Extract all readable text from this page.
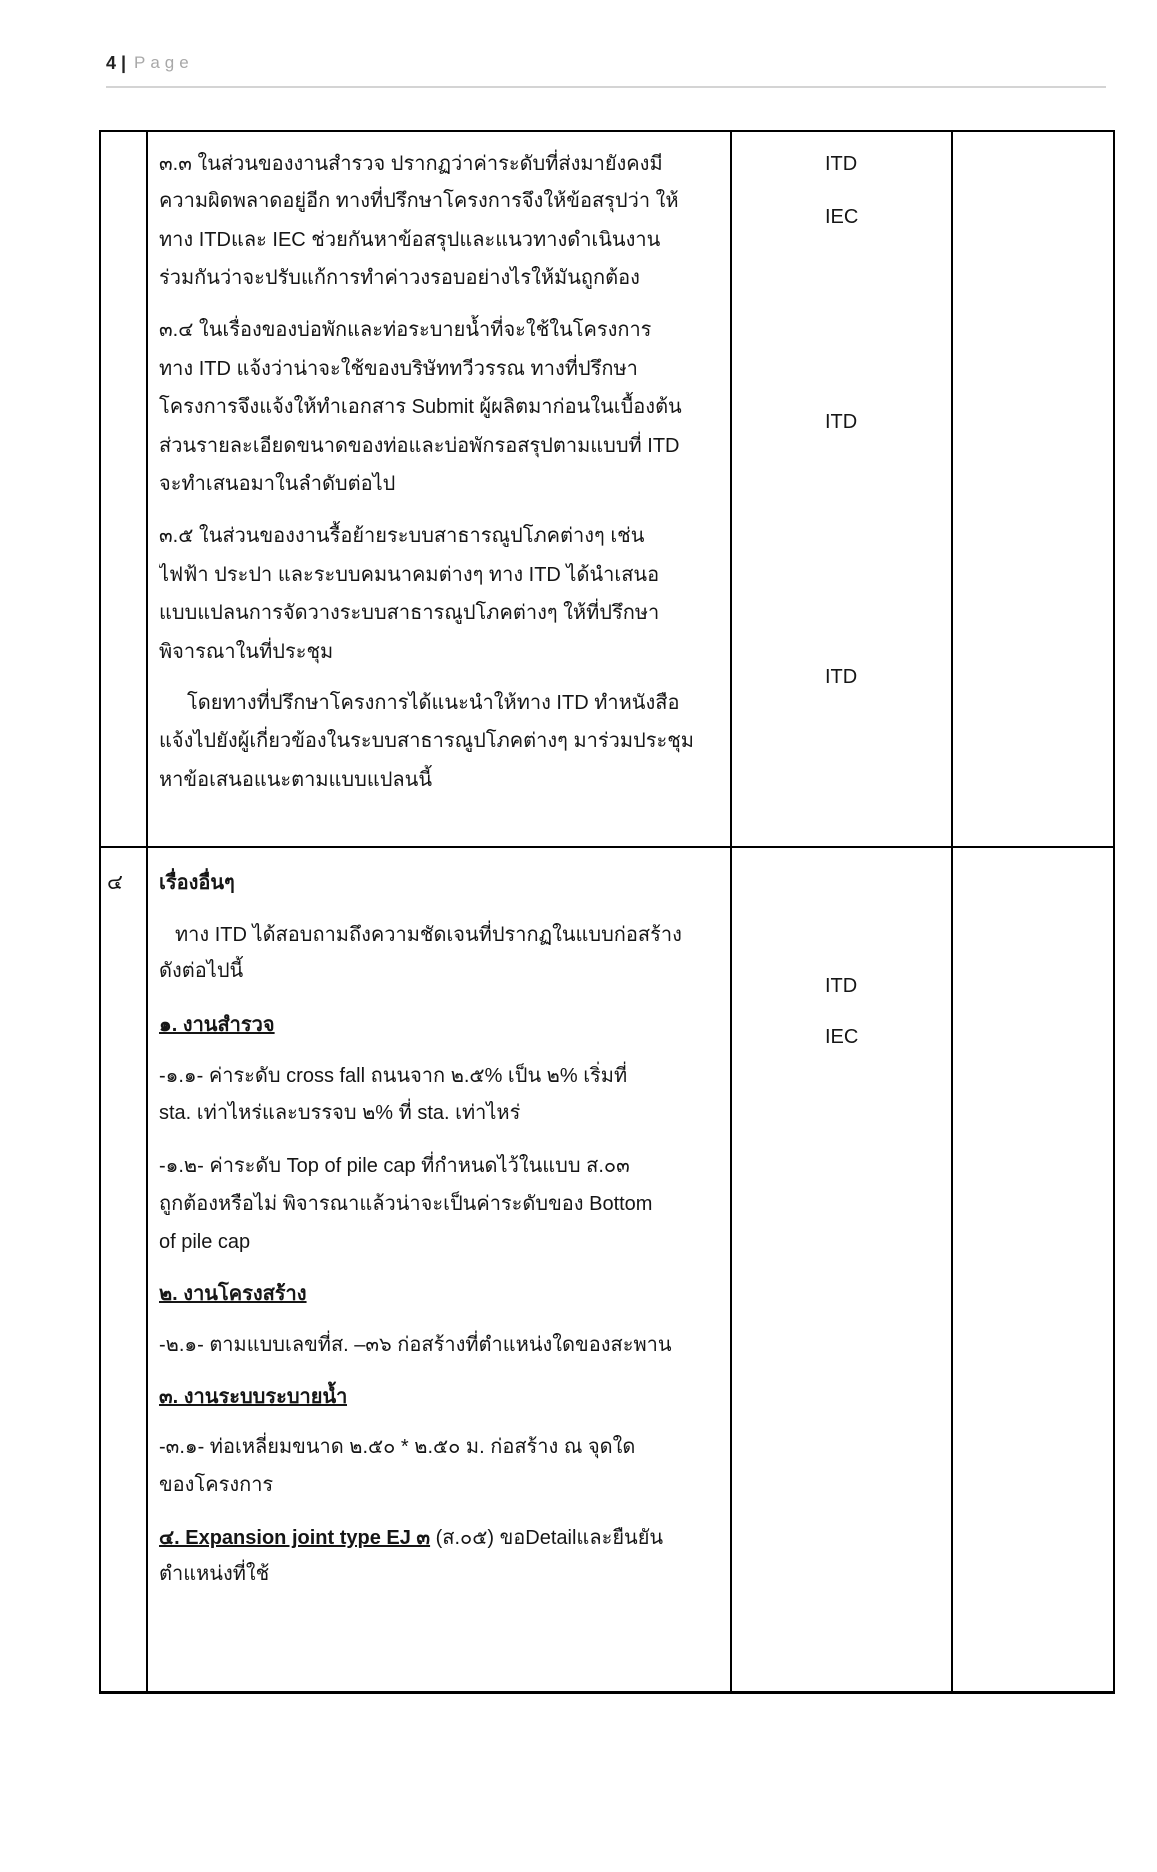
4 | Page
๓.๓ ในส่วนของงานสำรวจ ปรากฏว่าค่าระดับที่ส่งมายังคงมี
ความผิดพลาดอยู่อีก ทางที่ปรึกษาโครงการจึงให้ข้อสรุปว่า ให้
ทาง ITDและ IEC ช่วยกันหาข้อสรุปและแนวทางดำเนินงาน
ร่วมกันว่าจะปรับแก้การทำค่าวงรอบอย่างไรให้มันถูกต้อง
๓.๔ ในเรื่องของบ่อพักและท่อระบายน้ำที่จะใช้ในโครงการ
ทาง ITD แจ้งว่าน่าจะใช้ของบริษัททวีวรรณ ทางที่ปรึกษา
โครงการจึงแจ้งให้ทำเอกสาร Submit ผู้ผลิตมาก่อนในเบื้องต้น
ส่วนรายละเอียดขนาดของท่อและบ่อพักรอสรุปตามแบบที่ ITD
จะทำเสนอมาในลำดับต่อไป
๓.๕ ในส่วนของงานรื้อย้ายระบบสาธารณูปโภคต่างๆ เช่น
ไฟฟ้า ประปา และระบบคมนาคมต่างๆ ทาง ITD ได้นำเสนอ
แบบแปลนการจัดวางระบบสาธารณูปโภคต่างๆ ให้ที่ปรึกษา
พิจารณาในที่ประชุม
โดยทางที่ปรึกษาโครงการได้แนะนำให้ทาง ITD ทำหนังสือ
แจ้งไปยังผู้เกี่ยวข้องในระบบสาธารณูปโภคต่างๆ มาร่วมประชุม
หาข้อเสนอแนะตามแบบแปลนนี้
ITD
IEC
ITD
ITD
๔ เรื่องอื่นๆ
ทาง ITD ได้สอบถามถึงความชัดเจนที่ปรากฏในแบบก่อสร้าง
ดังต่อไปนี้
๑. งานสำรวจ
-๑.๑- ค่าระดับ cross fall ถนนจาก ๒.๕% เป็น ๒% เริ่มที่
sta. เท่าไหร่และบรรจบ ๒% ที่ sta. เท่าไหร่
-๑.๒- ค่าระดับ Top of pile cap ที่กำหนดไว้ในแบบ ส.๐๓
ถูกต้องหรือไม่ พิจารณาแล้วน่าจะเป็นค่าระดับของ Bottom
of pile cap
๒. งานโครงสร้าง
-๒.๑- ตามแบบเลขที่ส. –๓๖ ก่อสร้างที่ตำแหน่งใดของสะพาน
๓. งานระบบระบายน้ำ
-๓.๑- ท่อเหลี่ยมขนาด ๒.๕๐ * ๒.๕๐ ม. ก่อสร้าง ณ จุดใด
ของโครงการ
๔. Expansion joint type EJ ๓ (ส.๐๕) ขอDetailและยืนยัน
ตำแหน่งที่ใช้
ITD
IEC
